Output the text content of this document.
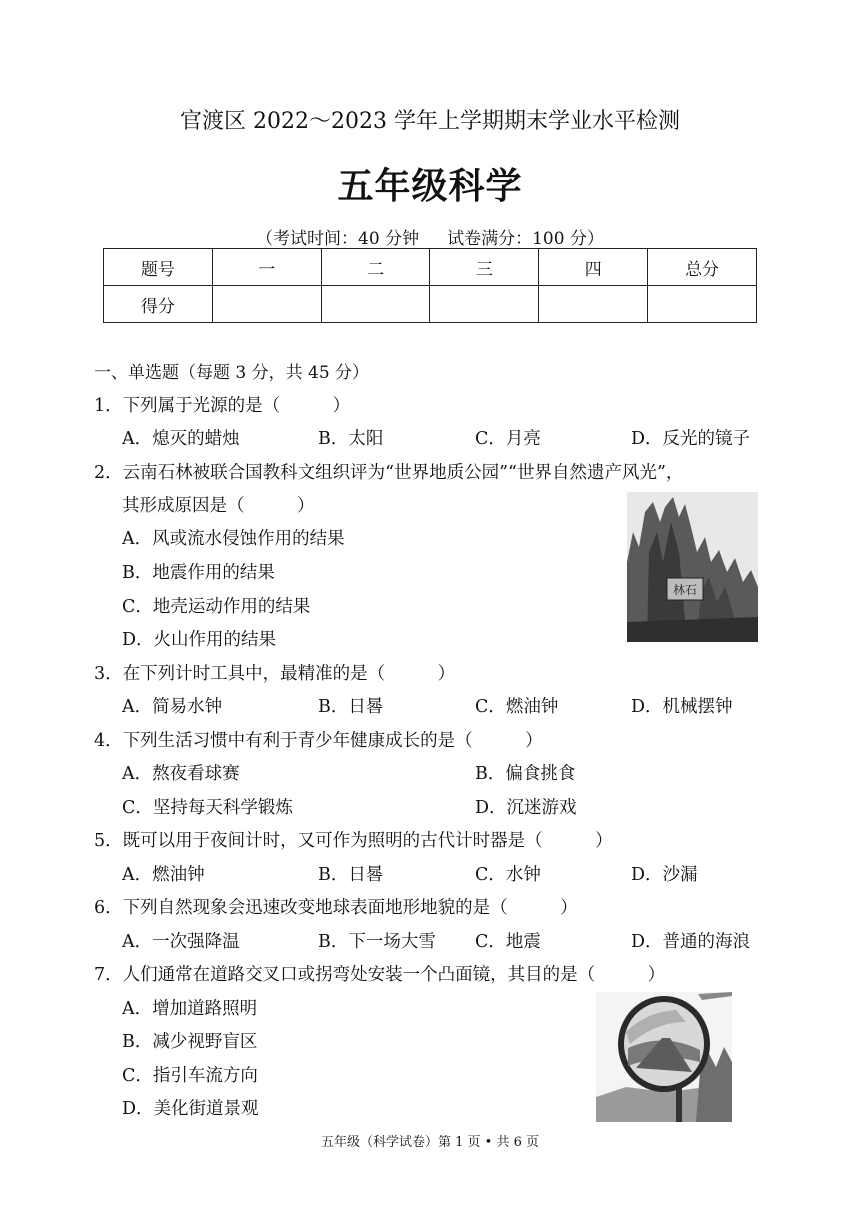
官渡区 2022～2023 学年上学期期末学业水平检测
五年级科学
（考试时间：40 分钟 试卷满分：100 分）
题号	一	二	三	四	总分
得分					
一、单选题（每题 3 分，共 45 分）
1．下列属于光源的是（　　　）
A．熄灭的蜡烛	B．太阳	C．月亮	D．反光的镜子
2．云南石林被联合国教科文组织评为“世界地质公园”“世界自然遗产风光”，
其形成原因是（　　　）
A．风或流水侵蚀作用的结果
B．地震作用的结果
C．地壳运动作用的结果
D．火山作用的结果
林石
3．在下列计时工具中，最精准的是（　　　）
A．简易水钟	B．日晷	C．燃油钟	D．机械摆钟
4．下列生活习惯中有利于青少年健康成长的是（　　　）
A．熬夜看球赛	B．偏食挑食
C．坚持每天科学锻炼	D．沉迷游戏
5．既可以用于夜间计时，又可作为照明的古代计时器是（　　　）
A．燃油钟	B．日晷	C．水钟	D．沙漏
6．下列自然现象会迅速改变地球表面地形地貌的是（　　　）
A．一次强降温	B．下一场大雪 C．地震	D．普通的海浪
7．人们通常在道路交叉口或拐弯处安装一个凸面镜，其目的是（　　　）
A．增加道路照明
B．减少视野盲区
C．指引车流方向
D．美化街道景观
五年级（科学试卷）第 1 页 • 共 6 页
